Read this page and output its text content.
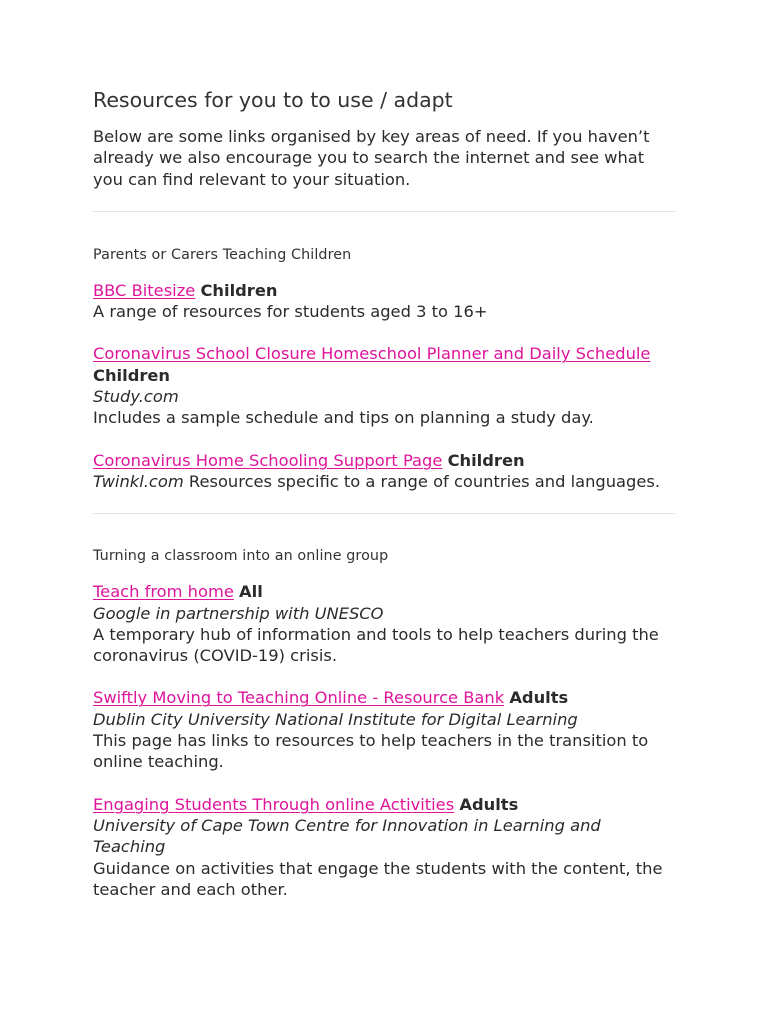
Resources for you to to use / adapt

Below are some links organised by key areas of need. If you haven’t already we also encourage you to search the internet and see what you can find relevant to your situation.

Parents or Carers Teaching Children
BBC Bitesize Children
A range of resources for students aged 3 to 16+
Coronavirus School Closure Homeschool Planner and Daily Schedule Children
Study.com
Includes a sample schedule and tips on planning a study day.
Coronavirus Home Schooling Support Page Children
Twinkl.com Resources specific to a range of countries and languages.
Turning a classroom into an online group
Teach from home All
Google in partnership with UNESCO
A temporary hub of information and tools to help teachers during the coronavirus (COVID-19) crisis.
Swiftly Moving to Teaching Online - Resource Bank Adults
Dublin City University National Institute for Digital Learning
This page has links to resources to help teachers in the transition to online teaching.
Engaging Students Through online Activities Adults
University of Cape Town Centre for Innovation in Learning and Teaching
Guidance on activities that engage the students with the content, the teacher and each other.
